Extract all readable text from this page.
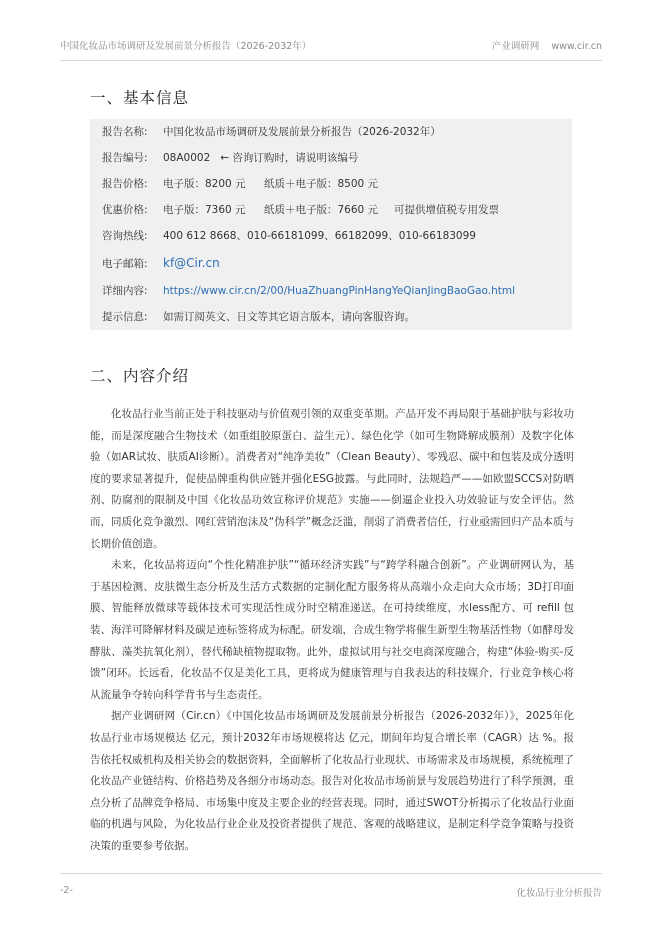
中国化妆品市场调研及发展前景分析报告（2026-2032年）	产业调研网 www.cir.cn
一、基本信息
报告名称: 中国化妆品市场调研及发展前景分析报告（2026-2032年）
报告编号: 08A0002 ← 咨询订购时，请说明该编号
报告价格: 电子版：8200 元 纸质＋电子版：8500 元
优惠价格: 电子版：7360 元 纸质＋电子版：7660 元 可提供增值税专用发票
咨询热线: 400 612 8668、010-66181099、66182099、010-66183099
电子邮箱: kf@Cir.cn
详细内容: https://www.cir.cn/2/00/HuaZhuangPinHangYeQianJingBaoGao.html
提示信息: 如需订阅英文、日文等其它语言版本，请向客服咨询。
二、内容介绍

化妆品行业当前正处于科技驱动与价值观引领的双重变革期。产品开发不再局限于基础护肤与彩妆功能，而是深度融合生物技术（如重组胶原蛋白、益生元）、绿色化学（如可生物降解成膜剂）及数字化体验（如AR试妆、肤质AI诊断）。消费者对“纯净美妆”（Clean Beauty）、零残忍、碳中和包装及成分透明度的要求显著提升，促使品牌重构供应链并强化ESG披露。与此同时，法规趋严——如欧盟SCCS对防晒剂、防腐剂的限制及中国《化妆品功效宣称评价规范》实施——倒逼企业投入功效验证与安全评估。然而，同质化竞争激烈、网红营销泡沫及“伪科学”概念泛滥，削弱了消费者信任，行业亟需回归产品本质与长期价值创造。

未来，化妆品将迈向“个性化精准护肤”“循环经济实践”与“跨学科融合创新”。产业调研网认为，基于基因检测、皮肤微生态分析及生活方式数据的定制化配方服务将从高端小众走向大众市场；3D打印面膜、智能释放微球等载体技术可实现活性成分时空精准递送。在可持续维度，水less配方、可 refill 包装、海洋可降解材料及碳足迹标签将成为标配。研发端，合成生物学将催生新型生物基活性物（如酵母发酵肽、藻类抗氧化剂），替代稀缺植物提取物。此外，虚拟试用与社交电商深度融合，构建“体验-购买-反馈”闭环。长远看，化妆品不仅是美化工具，更将成为健康管理与自我表达的科技媒介，行业竞争核心将从流量争夺转向科学背书与生态责任。

据产业调研网（Cir.cn）《中国化妆品市场调研及发展前景分析报告（2026-2032年）》，2025年化妆品行业市场规模达 亿元，预计2032年市场规模将达 亿元，期间年均复合增长率（CAGR）达 %。报告依托权威机构及相关协会的数据资料，全面解析了化妆品行业现状、市场需求及市场规模，系统梳理了化妆品产业链结构、价格趋势及各细分市场动态。报告对化妆品市场前景与发展趋势进行了科学预测，重点分析了品牌竞争格局、市场集中度及主要企业的经营表现。同时，通过SWOT分析揭示了化妆品行业面临的机遇与风险，为化妆品行业企业及投资者提供了规范、客观的战略建议，是制定科学竞争策略与投资决策的重要参考依据。

-2-	化妆品行业分析报告
